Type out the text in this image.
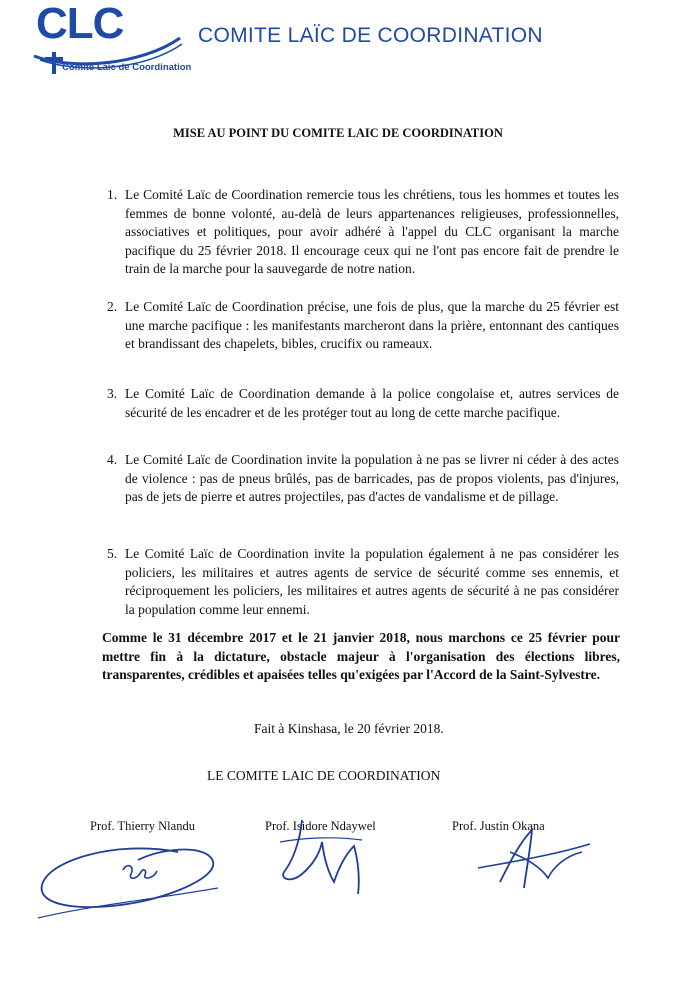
CLC
Comité Laïc de Coordination
COMITE LAÏC DE COORDINATION
MISE AU POINT DU COMITE LAIC DE COORDINATION
1. Le Comité Laïc de Coordination remercie tous les chrétiens, tous les hommes et toutes les femmes de bonne volonté, au-delà de leurs appartenances religieuses, professionnelles, associatives et politiques, pour avoir adhéré à l'appel du CLC organisant la marche pacifique du 25 février 2018. Il encourage ceux qui ne l'ont pas encore fait de prendre le train de la marche pour la sauvegarde de notre nation.
2. Le Comité Laïc de Coordination précise, une fois de plus, que la marche du 25 février est une marche pacifique : les manifestants marcheront dans la prière, entonnant des cantiques et brandissant des chapelets, bibles, crucifix ou rameaux.
3. Le Comité Laïc de Coordination demande à la police congolaise et, autres services de sécurité de les encadrer et de les protéger tout au long de cette marche pacifique.
4. Le Comité Laïc de Coordination invite la population à ne pas se livrer ni céder à des actes de violence : pas de pneus brûlés, pas de barricades, pas de propos violents, pas d'injures, pas de jets de pierre et autres projectiles, pas d'actes de vandalisme et de pillage.
5. Le Comité Laïc de Coordination invite la population également à ne pas considérer les policiers, les militaires et autres agents de service de sécurité comme ses ennemis, et réciproquement les policiers, les militaires et autres agents de sécurité à ne pas considérer la population comme leur ennemi.
Comme le 31 décembre 2017 et le 21 janvier 2018, nous marchons ce 25 février pour mettre fin à la dictature, obstacle majeur à l'organisation des élections libres, transparentes, crédibles et apaisées telles qu'exigées par l'Accord de la Saint-Sylvestre.
Fait à Kinshasa, le 20 février 2018.
LE COMITE LAIC DE COORDINATION
Prof. Thierry Nlandu	Prof. Isidore Ndaywel	Prof. Justin Okana
